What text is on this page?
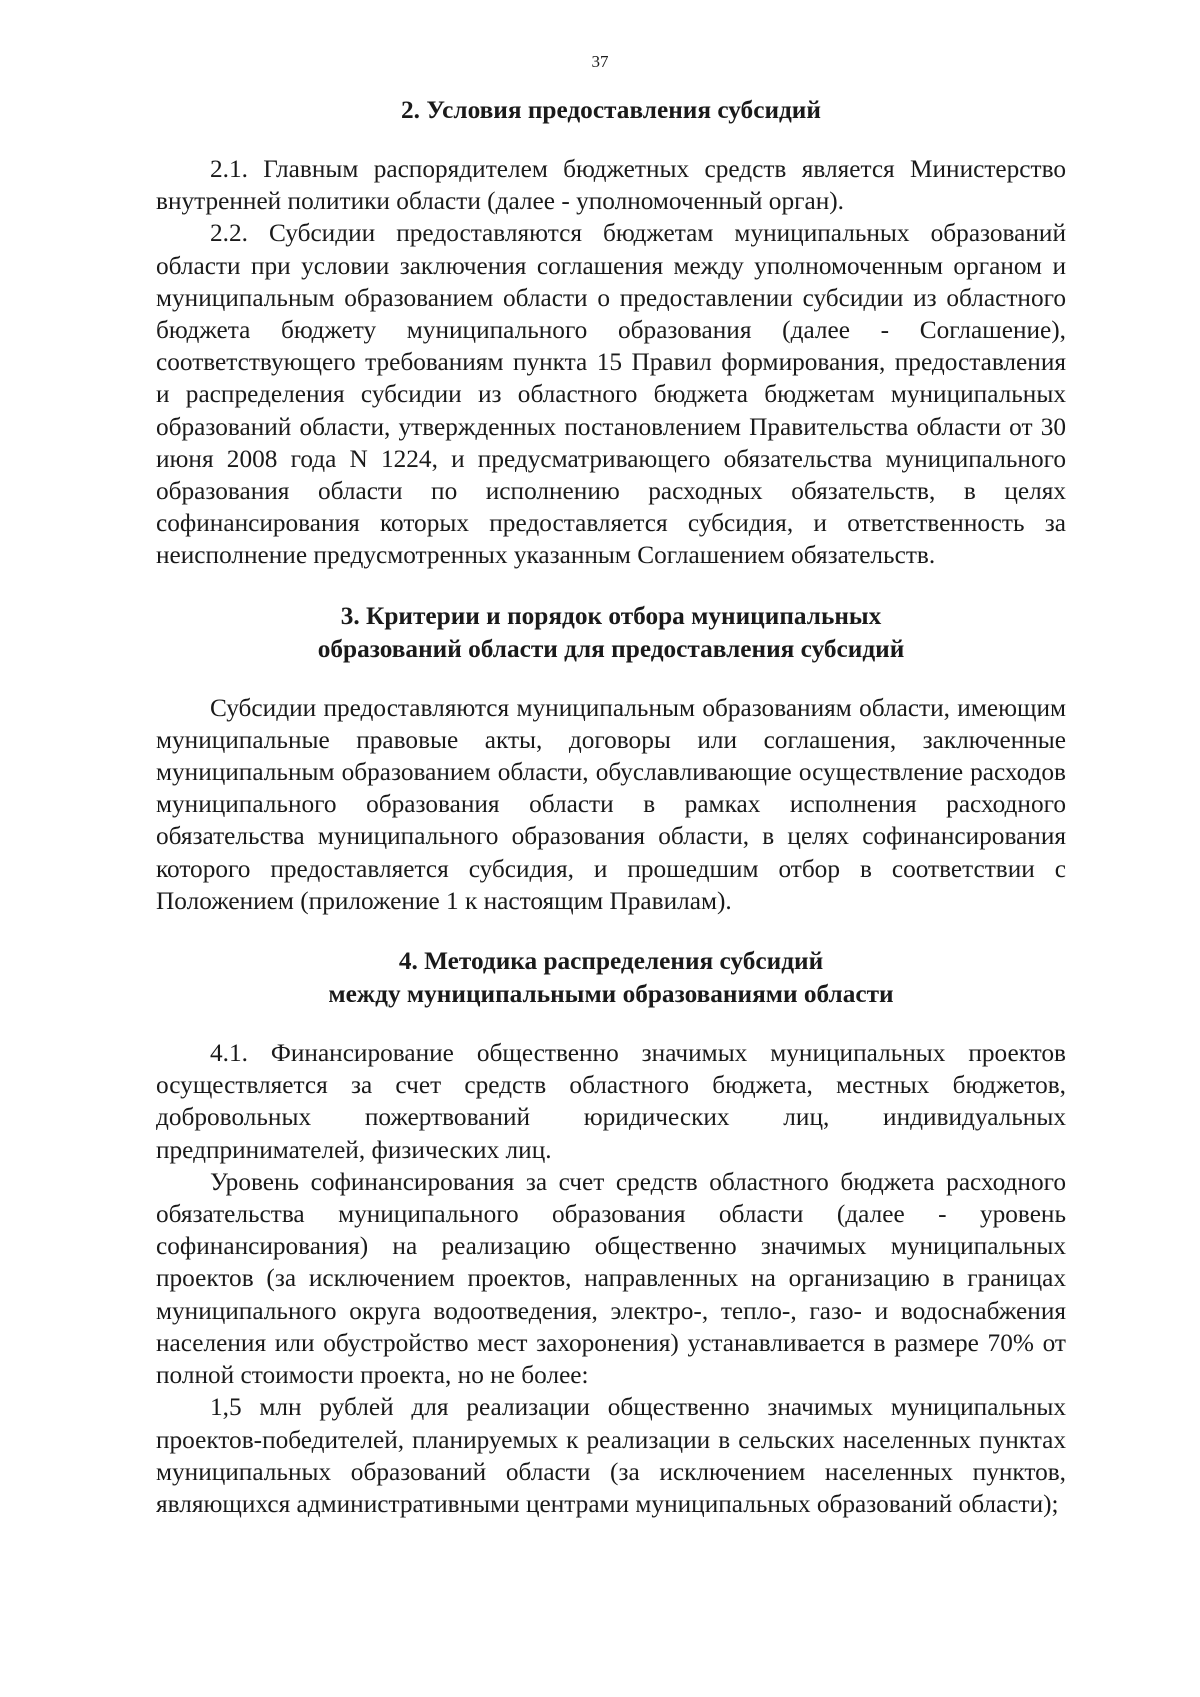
37

2. Условия предоставления субсидий

2.1. Главным распорядителем бюджетных средств является Министерство внутренней политики области (далее - уполномоченный орган).

2.2. Субсидии предоставляются бюджетам муниципальных образований области при условии заключения соглашения между уполномоченным органом и муниципальным образованием области о предоставлении субсидии из областного бюджета бюджету муниципального образования (далее - Соглашение), соответствующего требованиям пункта 15 Правил формирования, предоставления и распределения субсидии из областного бюджета бюджетам муниципальных образований области, утвержденных постановлением Правительства области от 30 июня 2008 года N 1224, и предусматривающего обязательства муниципального образования области по исполнению расходных обязательств, в целях софинансирования которых предоставляется субсидия, и ответственность за неисполнение предусмотренных указанным Соглашением обязательств.

3. Критерии и порядок отбора муниципальных
образований области для предоставления субсидий

Субсидии предоставляются муниципальным образованиям области, имеющим муниципальные правовые акты, договоры или соглашения, заключенные муниципальным образованием области, обуславливающие осуществление расходов муниципального образования области в рамках исполнения расходного обязательства муниципального образования области, в целях софинансирования которого предоставляется субсидия, и прошедшим отбор в соответствии с Положением (приложение 1 к настоящим Правилам).

4. Методика распределения субсидий
между муниципальными образованиями области

4.1. Финансирование общественно значимых муниципальных проектов осуществляется за счет средств областного бюджета, местных бюджетов, добровольных пожертвований юридических лиц, индивидуальных предпринимателей, физических лиц.

Уровень софинансирования за счет средств областного бюджета расходного обязательства муниципального образования области (далее - уровень софинансирования) на реализацию общественно значимых муниципальных проектов (за исключением проектов, направленных на организацию в границах муниципального округа водоотведения, электро-, тепло-, газо- и водоснабжения населения или обустройство мест захоронения) устанавливается в размере 70% от полной стоимости проекта, но не более:

1,5 млн рублей для реализации общественно значимых муниципальных проектов-победителей, планируемых к реализации в сельских населенных пунктах муниципальных образований области (за исключением населенных пунктов, являющихся административными центрами муниципальных образований области);
